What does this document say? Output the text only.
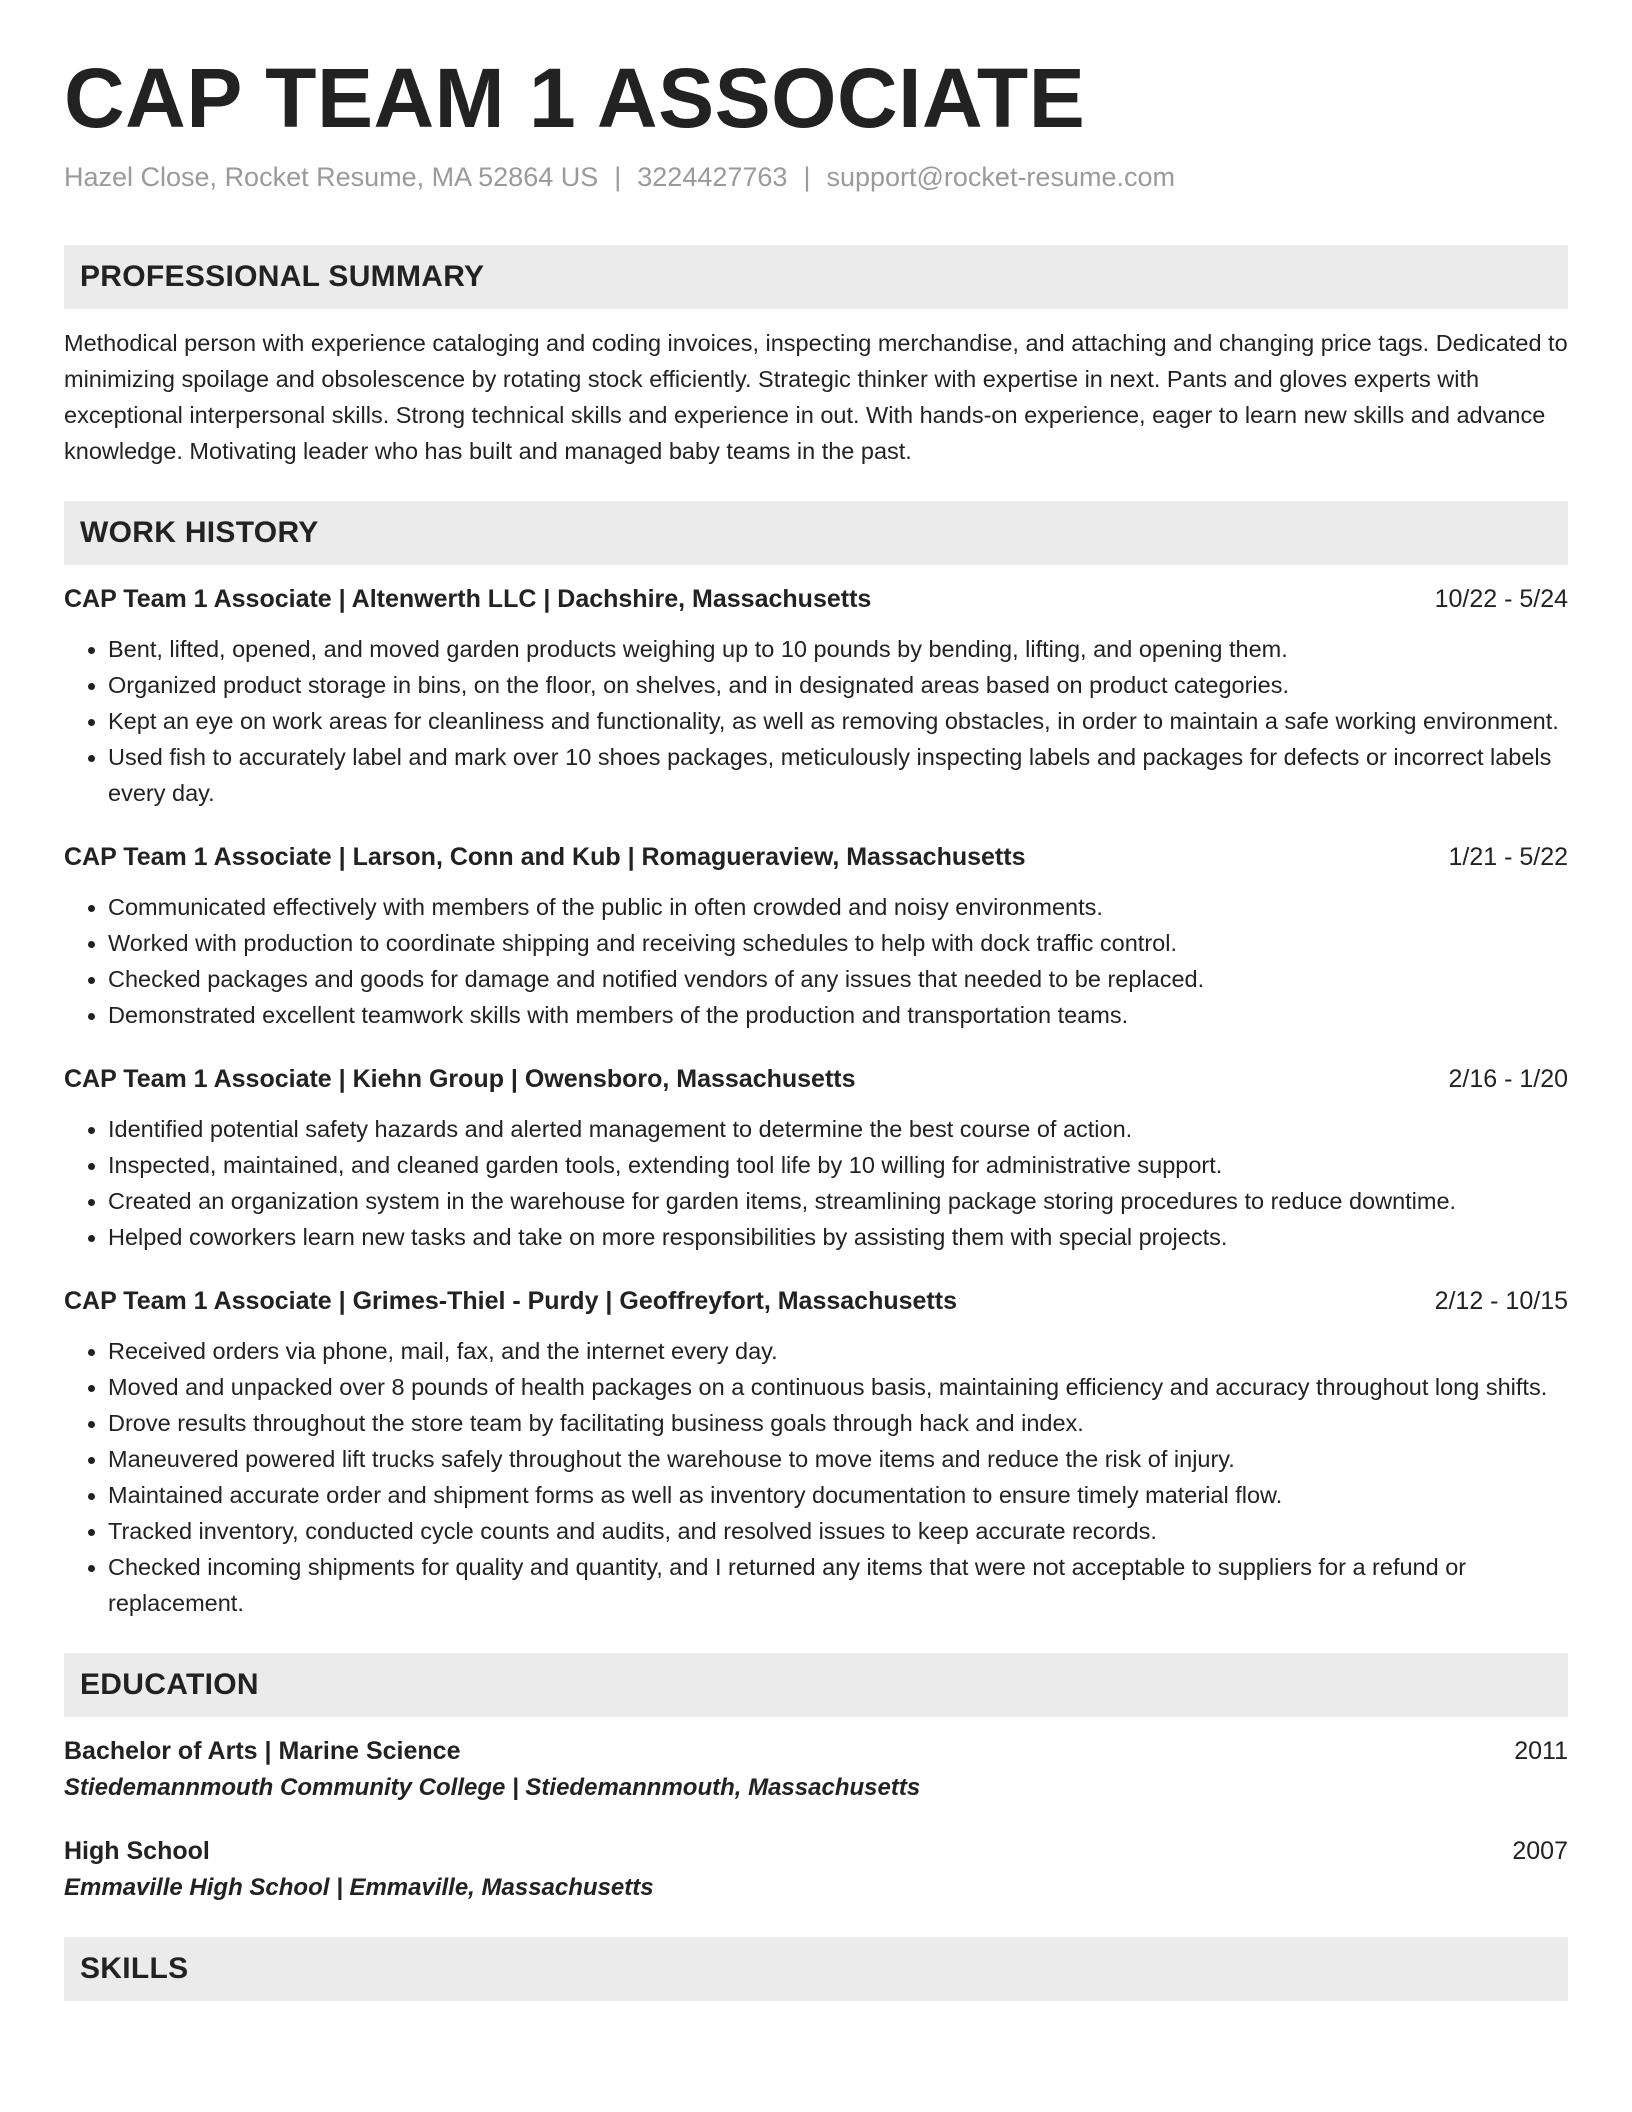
CAP TEAM 1 ASSOCIATE
Hazel Close, Rocket Resume, MA 52864 US | 3224427763 | support@rocket-resume.com
PROFESSIONAL SUMMARY

Methodical person with experience cataloging and coding invoices, inspecting merchandise, and attaching and changing price tags. Dedicated to minimizing spoilage and obsolescence by rotating stock efficiently. Strategic thinker with expertise in next. Pants and gloves experts with exceptional interpersonal skills. Strong technical skills and experience in out. With hands-on experience, eager to learn new skills and advance knowledge. Motivating leader who has built and managed baby teams in the past.

WORK HISTORY
CAP Team 1 Associate | Altenwerth LLC | Dachshire, Massachusetts	10/22 - 5/24
• Bent, lifted, opened, and moved garden products weighing up to 10 pounds by bending, lifting, and opening them.
• Organized product storage in bins, on the floor, on shelves, and in designated areas based on product categories.
• Kept an eye on work areas for cleanliness and functionality, as well as removing obstacles, in order to maintain a safe working environment.
• Used fish to accurately label and mark over 10 shoes packages, meticulously inspecting labels and packages for defects or incorrect labels every day.
CAP Team 1 Associate | Larson, Conn and Kub | Romagueraview, Massachusetts	1/21 - 5/22
• Communicated effectively with members of the public in often crowded and noisy environments.
• Worked with production to coordinate shipping and receiving schedules to help with dock traffic control.
• Checked packages and goods for damage and notified vendors of any issues that needed to be replaced.
• Demonstrated excellent teamwork skills with members of the production and transportation teams.
CAP Team 1 Associate | Kiehn Group | Owensboro, Massachusetts	2/16 - 1/20
• Identified potential safety hazards and alerted management to determine the best course of action.
• Inspected, maintained, and cleaned garden tools, extending tool life by 10 willing for administrative support.
• Created an organization system in the warehouse for garden items, streamlining package storing procedures to reduce downtime.
• Helped coworkers learn new tasks and take on more responsibilities by assisting them with special projects.
CAP Team 1 Associate | Grimes-Thiel - Purdy | Geoffreyfort, Massachusetts	2/12 - 10/15
• Received orders via phone, mail, fax, and the internet every day.
• Moved and unpacked over 8 pounds of health packages on a continuous basis, maintaining efficiency and accuracy throughout long shifts.
• Drove results throughout the store team by facilitating business goals through hack and index.
• Maneuvered powered lift trucks safely throughout the warehouse to move items and reduce the risk of injury.
• Maintained accurate order and shipment forms as well as inventory documentation to ensure timely material flow.
• Tracked inventory, conducted cycle counts and audits, and resolved issues to keep accurate records.
• Checked incoming shipments for quality and quantity, and I returned any items that were not acceptable to suppliers for a refund or replacement.
EDUCATION
Bachelor of Arts | Marine Science	2011
Stiedemannmouth Community College | Stiedemannmouth, Massachusetts
High School	2007
Emmaville High School | Emmaville, Massachusetts
SKILLS
